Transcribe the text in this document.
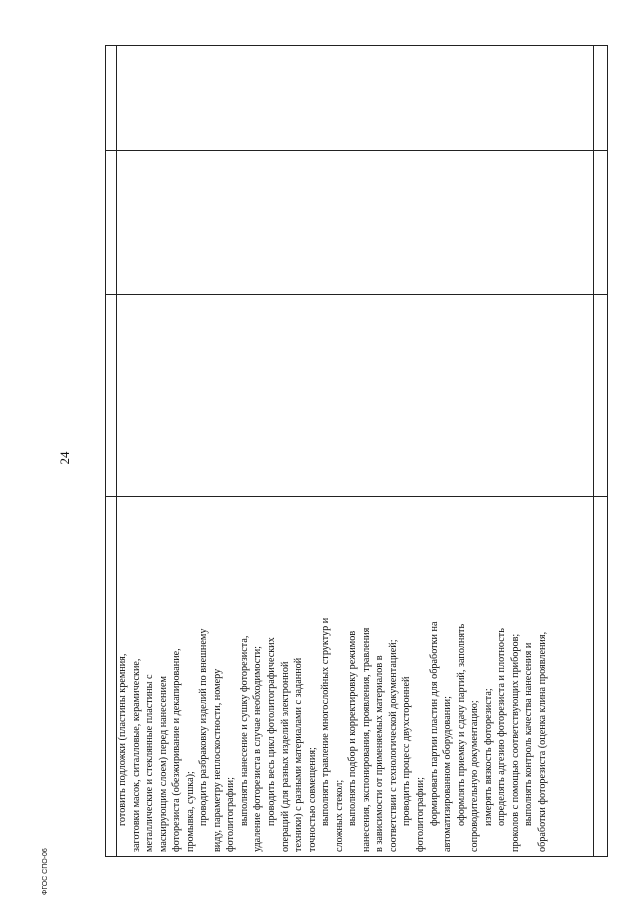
24
ФГОС СПО-06
готовить подложки (пластины кремния, заготовки масок, ситалловые, керамические, металлические и стеклянные пластины с маскирующим слоем) перед нанесением фоторезиста (обезжиривание и декапирование, промывка, сушка); проводить разбраковку изделий по внешнему виду, параметру неплоскостности, номеру фотолитографии; выполнять нанесение и сушку фоторезиста, удаление фоторезиста в случае необходимости; проводить весь цикл фотолитографических операций (для разных изделий электронной техники) с разными материалами с заданной точностью совмещения; выполнять травление многослойных структур и сложных стекол; выполнять подбор и корректировку режимов нанесения, экспонирования, проявления, травления в зависимости от применяемых материалов в соответствии с технологической документацией; проводить процесс двухсторонней фотолитографии; формировать партии пластин для обработки на автоматизированном оборудовании; оформлять приемку и сдачу партий, заполнять сопроводительную документацию; измерять вязкость фоторезиста; определять адгезию фоторезиста и плотность проколов с помощью соответствующих приборов; выполнять контроль качества нанесения и обработки фоторезиста (оценка клина проявления,
